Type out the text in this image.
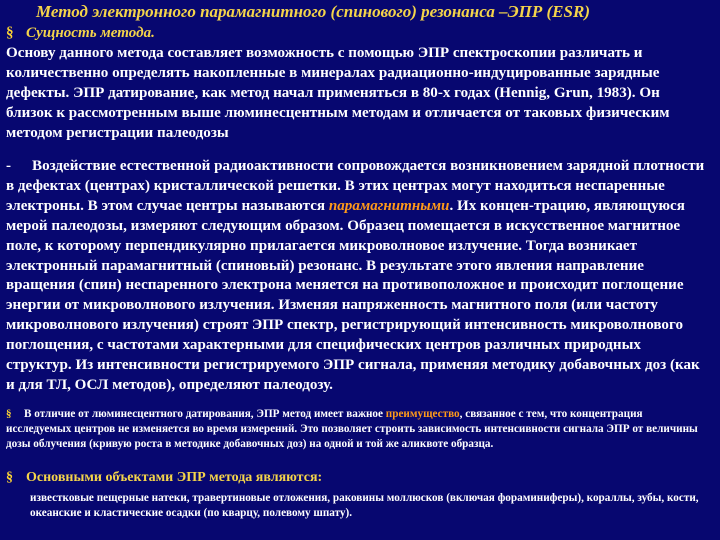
Метод электронного парамагнитного (спинового) резонанса –ЭПР (ESR)
§ Сущность метода.
Основу данного метода составляет возможность с помощью ЭПР спектроскопии различать и количественно определять накопленные в минералах радиационно-индуцированные зарядные дефекты. ЭПР датирование, как метод начал применяться в 80-х годах (Hennig, Grun, 1983). Он близок к рассмотренным выше люминесцентным методам и отличается от таковых физическим методом регистрации палеодозы
- Воздействие естественной радиоактивности сопровождается возникновением зарядной плотности в дефектах (центрах) кристаллической решетки. В этих центрах могут находиться неспаренные электроны. В этом случае центры называются парамагнитными. Их концен-трацию, являющуюся мерой палеодозы, измеряют следующим образом. Образец помещается в искусственное магнитное поле, к которому перпендикулярно прилагается микроволновое излучение. Тогда возникает электронный парамагнитный (спиновый) резонанс. В результате этого явления направление вращения (спин) неспаренного электрона меняется на противоположное и происходит поглощение энергии от микроволнового излучения. Изменяя напряженность магнитного поля (или частоту микроволнового излучения) строят ЭПР спектр, регистрирующий интенсивность микроволнового поглощения, с частотами характерными для специфических центров различных природных структур. Из интенсивности регистрируемого ЭПР сигнала, применяя методику добавочных доз (как и для ТЛ, ОСЛ методов), определяют палеодозу.
§ В отличие от люминесцентного датирования, ЭПР метод имеет важное преимущество, связанное с тем, что концентрация исследуемых центров не изменяется во время измерений. Это позволяет строить зависимость интенсивности сигнала ЭПР от величины дозы облучения (кривую роста в методике добавочных доз) на одной и той же аликвоте образца.
§ Основными объектами ЭПР метода являются:
известковые пещерные натеки, травертиновые отложения, раковины моллюсков (включая фораминиферы), кораллы, зубы, кости, океанские и кластические осадки (по кварцу, полевому шпату).
